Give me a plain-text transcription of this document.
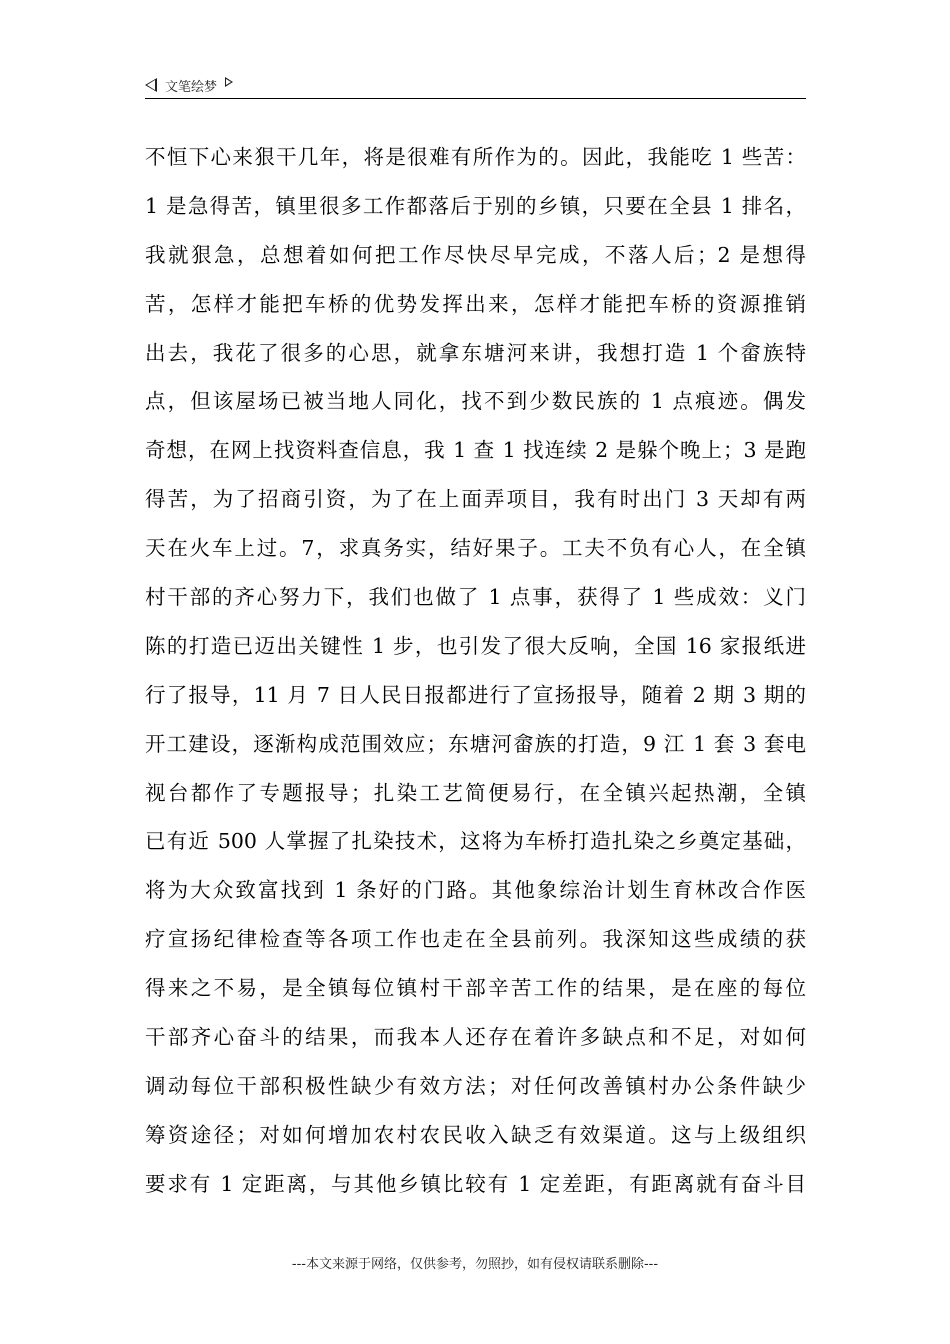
文笔绘梦
不恒下心来狠干几年，将是很难有所作为的。因此，我能吃 1 些苦：
1 是急得苦，镇里很多工作都落后于别的乡镇，只要在全县 1 排名，
我就狠急，总想着如何把工作尽快尽早完成，不落人后；2 是想得
苦，怎样才能把车桥的优势发挥出来，怎样才能把车桥的资源推销
出去，我花了很多的心思，就拿东塘河来讲，我想打造 1 个畲族特
点，但该屋场已被当地人同化，找不到少数民族的 1 点痕迹。偶发
奇想，在网上找资料查信息，我 1 查 1 找连续 2 是躲个晚上；3 是跑
得苦，为了招商引资，为了在上面弄项目，我有时出门 3 天却有两
天在火车上过。7，求真务实，结好果子。工夫不负有心人，在全镇
村干部的齐心努力下，我们也做了 1 点事，获得了 1 些成效：义门
陈的打造已迈出关键性 1 步，也引发了很大反响，全国 16 家报纸进
行了报导，11 月 7 日人民日报都进行了宣扬报导，随着 2 期 3 期的
开工建设，逐渐构成范围效应；东塘河畲族的打造，9 江 1 套 3 套电
视台都作了专题报导；扎染工艺简便易行，在全镇兴起热潮，全镇
已有近 500 人掌握了扎染技术，这将为车桥打造扎染之乡奠定基础，
将为大众致富找到 1 条好的门路。其他象综治计划生育林改合作医
疗宣扬纪律检查等各项工作也走在全县前列。我深知这些成绩的获
得来之不易，是全镇每位镇村干部辛苦工作的结果，是在座的每位
干部齐心奋斗的结果，而我本人还存在着许多缺点和不足，对如何
调动每位干部积极性缺少有效方法；对任何改善镇村办公条件缺少
筹资途径；对如何增加农村农民收入缺乏有效渠道。这与上级组织
要求有 1 定距离，与其他乡镇比较有 1 定差距，有距离就有奋斗目
---本文来源于网络，仅供参考，勿照抄，如有侵权请联系删除---
